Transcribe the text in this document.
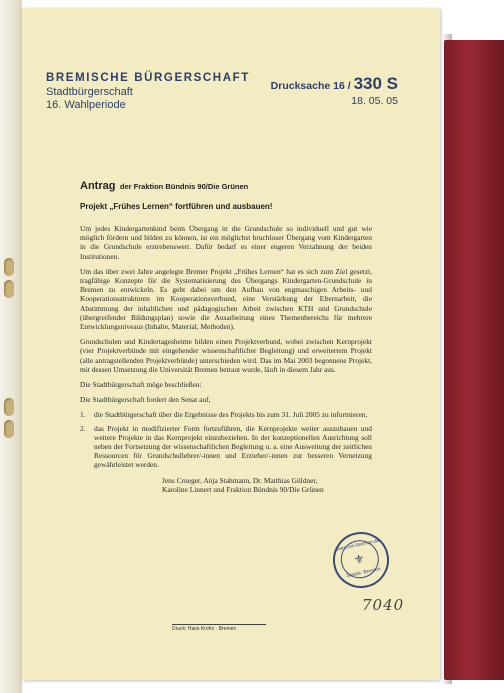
BREMISCHE BÜRGERSCHAFT
Stadtbürgerschaft
16. Wahlperiode
Drucksache 16 / 330 S
18. 05. 05
Antrag der Fraktion Bündnis 90/Die Grünen
Projekt „Frühes Lernen“ fortführen und ausbauen!

Um jedes Kindergartenkind beim Übergang in die Grundschule so individuell und gut wie möglich fördern und bilden zu können, ist ein möglichst bruchloser Übergang vom Kindergarten in die Grundschule erstrebenswert. Dafür bedarf es einer engeren Verzahnung der beiden Institutionen.

Um das über zwei Jahre angelegte Bremer Projekt „Frühes Lernen“ hat es sich zum Ziel gesetzt, tragfähige Konzepte für die Systematisierung des Übergangs Kindergarten-Grundschule in Bremen zu entwickeln. Es geht dabei um den Aufbau von engmaschigen Arbeits- und Kooperationsstrukturen im Kooperationsverbund, eine Verstärkung der Elternarbeit, die Abstimmung der inhaltlichen und pädagogischen Arbeit zwischen KTH und Grundschule (übergreifender Bildungsplan) sowie die Ausarbeitung eines Themenbereichs für mehrere Entwicklungsniveaus (Inhalte, Material, Methoden).

Grundschulen und Kindertagesheime bilden einen Projektverbund, wobei zwischen Kernprojekt (vier Projektverbünde mit eingehender wissenschaftlicher Begleitung) und erweitertem Projekt (alle antragstellenden Projektverbünde) unterschieden wird. Das im Mai 2003 begonnene Projekt, mit dessen Umsetzung die Universität Bremen betraut wurde, läuft in diesem Jahr aus.

Die Stadtbürgerschaft möge beschließen:

Die Stadtbürgerschaft fordert den Senat auf,

1. die Stadtbürgerschaft über die Ergebnisse des Projekts bis zum 31. Juli 2005 zu informieren,
2. das Projekt in modifizierter Form fortzuführen, die Kernprojekte weiter auszubauen und weitere Projekte in das Kernprojekt einzubeziehen. In der konzeptionellen Ausrichtung soll neben der Fortsetzung der wissenschaftlichen Begleitung u. a. eine Ausweitung der zeitlichen Ressourcen für Grundschullehrer/-innen und Erzieher/-innen zur besseren Vernetzung gewährleistet werden.
Jens Crueger, Anja Stahmann, Dr. Matthias Güldner,
Karoline Linnert und Fraktion Bündnis 90/Die Grünen
Druck: Hans Krohn · Bremen
www.uni-bremen.de
⚜
Staats- Bremen
7040
